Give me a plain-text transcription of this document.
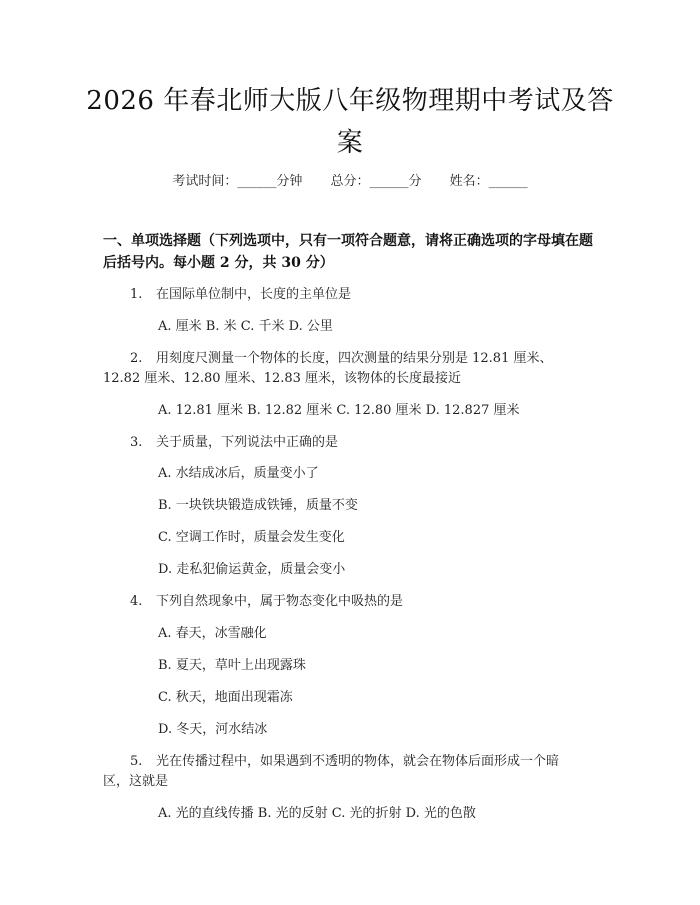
2026 年春北师大版八年级物理期中考试及答
案
考试时间：______分钟 总分：______分 姓名：______
一、单项选择题（下列选项中，只有一项符合题意，请将正确选项的字母填在题
后括号内。每小题 2 分，共 30 分）
1. 在国际单位制中，长度的主单位是
A. 厘米 B. 米 C. 千米 D. 公里
2. 用刻度尺测量一个物体的长度，四次测量的结果分别是 12.81 厘米、
12.82 厘米、12.80 厘米、12.83 厘米，该物体的长度最接近
A. 12.81 厘米 B. 12.82 厘米 C. 12.80 厘米 D. 12.827 厘米
3. 关于质量，下列说法中正确的是
A. 水结成冰后，质量变小了
B. 一块铁块锻造成铁锤，质量不变
C. 空调工作时，质量会发生变化
D. 走私犯偷运黄金，质量会变小
4. 下列自然现象中，属于物态变化中吸热的是
A. 春天，冰雪融化
B. 夏天，草叶上出现露珠
C. 秋天，地面出现霜冻
D. 冬天，河水结冰
5. 光在传播过程中，如果遇到不透明的物体，就会在物体后面形成一个暗
区，这就是
A. 光的直线传播 B. 光的反射 C. 光的折射 D. 光的色散
